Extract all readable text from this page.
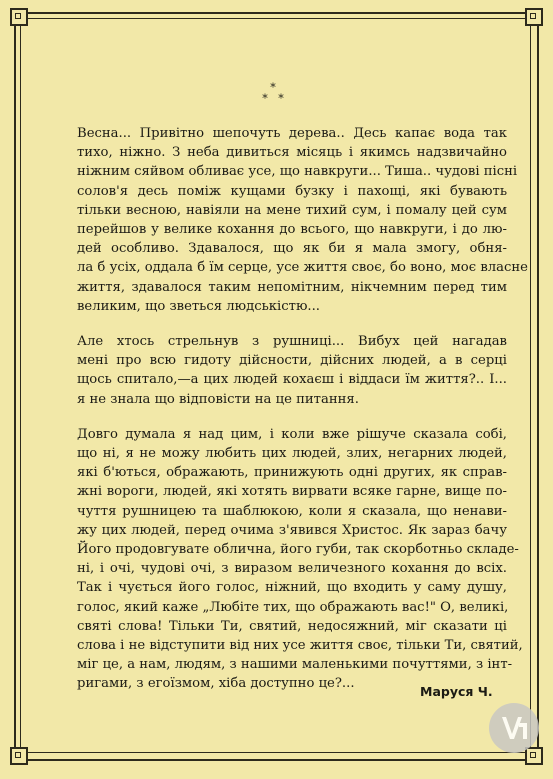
*
*   *
Весна... Привітно шепочуть дерева.. Десь капає вода так
тихо, ніжно. З неба дивиться місяць і якимсь надзвичайно
ніжним сяйвом обливає усе, що навкруги... Тиша.. чудові пісні
солов'я десь поміж кущами бузку і пахощі, які бувають
тільки весною, навіяли на мене тихий сум, і помалу цей сум
перейшов у велике кохання до всього, що навкруги, і до лю-
дей особливо. Здавалося, що як би я мала змогу, обня-
ла б усіх, оддала б їм серце, усе життя своє, бо воно, моє власне
життя, здавалося таким непомітним, нікчемним перед тим
великим, що зветься людськістю...
Але хтось стрельнув з рушниці... Вибух цей нагадав
мені про всю гидоту дійсности, дійсних людей, а в серці
щось спитало,—а цих людей кохаєш і віддаси їм життя?.. І...
я не знала що відповісти на це питання.
Довго думала я над цим, і коли вже рішуче сказала собі,
що ні, я не можу любить цих людей, злих, негарних людей,
які б'ються, ображають, принижують одні других, як справ-
жні вороги, людей, які хотять вирвати всяке гарне, вище по-
чуття рушницею та шаблюкою, коли я сказала, що ненави-
жу цих людей, перед очима з'явився Христос. Як зараз бачу
Його продовгувате облична, його губи, так скорботньо складе-
ні, і очі, чудові очі, з виразом величезного кохання до всіх.
Так і чується його голос, ніжний, що входить у саму душу,
голос, який каже „Любіте тих, що ображають вас!" О, великі,
святі слова! Тільки Ти, святий, недосяжний, міг сказати ці
слова і не відступити від них усе життя своє, тільки Ти, святий,
міг це, а нам, людям, з нашими маленькими почуттями, з інт-
ригами, з егоїзмом, хіба доступно це?...
Маруся Ч.
